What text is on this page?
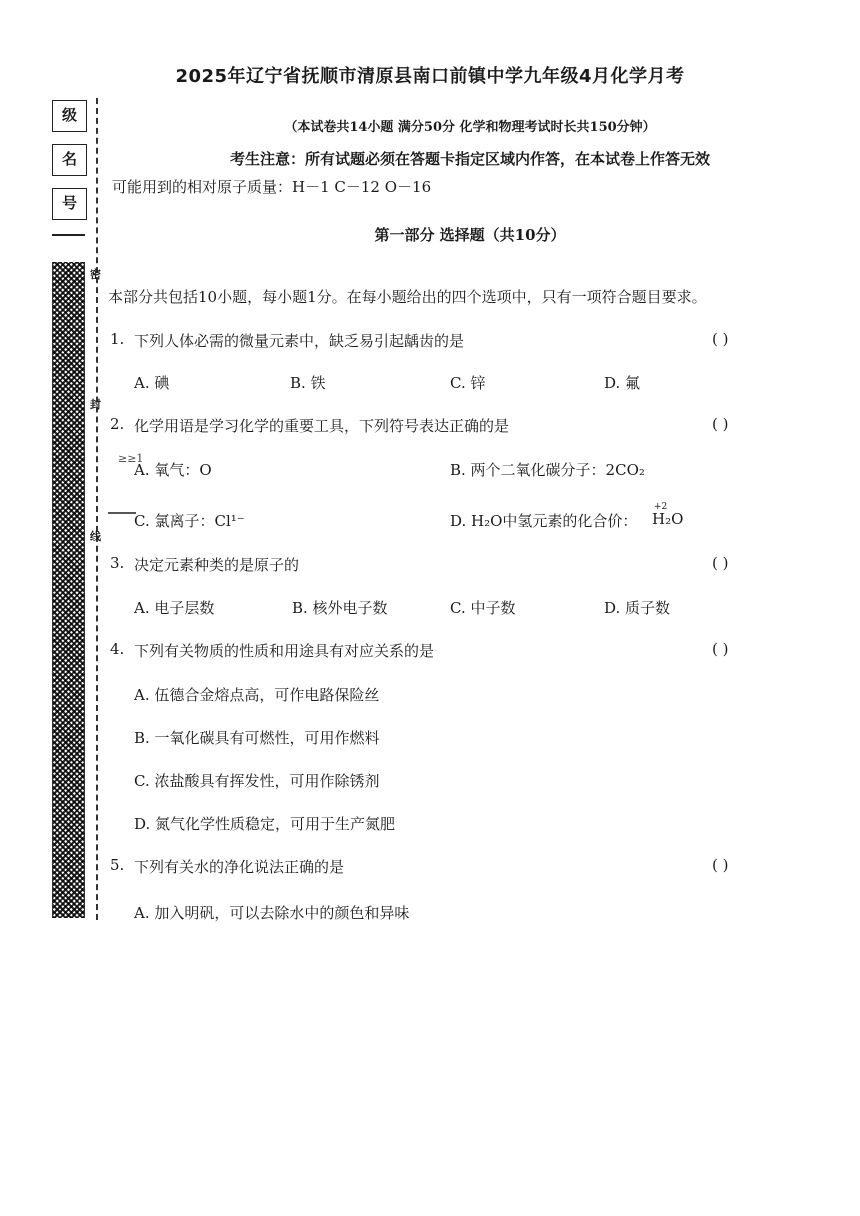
2025年辽宁省抚顺市清原县南口前镇中学九年级4月化学月考
（本试卷共14小题 满分50分 化学和物理考试时长共150分钟）
考生注意：所有试题必须在答题卡指定区域内作答，在本试卷上作答无效
可能用到的相对原子质量：H－1 C－12 O－16
级
名
号
密
封
线
第一部分 选择题（共10分）
本部分共包括10小题，每小题1分。在每小题给出的四个选项中，只有一项符合题目要求。
1. 下列人体必需的微量元素中，缺乏易引起龋齿的是	( )
A. 碘	B. 铁	C. 锌	D. 氟
2. 化学用语是学习化学的重要工具，下列符号表达正确的是	( )
≥≥1
A. 氧气：O	B. 两个二氧化碳分子：2CO₂
C. 氯离子：Cl¹⁻	D. H₂O中氢元素的化合价：
+2
H₂O
3. 决定元素种类的是原子的	( )
A. 电子层数	B. 核外电子数	C. 中子数	D. 质子数
4. 下列有关物质的性质和用途具有对应关系的是	( )
A. 伍德合金熔点高，可作电路保险丝
B. 一氧化碳具有可燃性，可用作燃料
C. 浓盐酸具有挥发性，可用作除锈剂
D. 氮气化学性质稳定，可用于生产氮肥
5. 下列有关水的净化说法正确的是	( )
A. 加入明矾，可以去除水中的颜色和异味
